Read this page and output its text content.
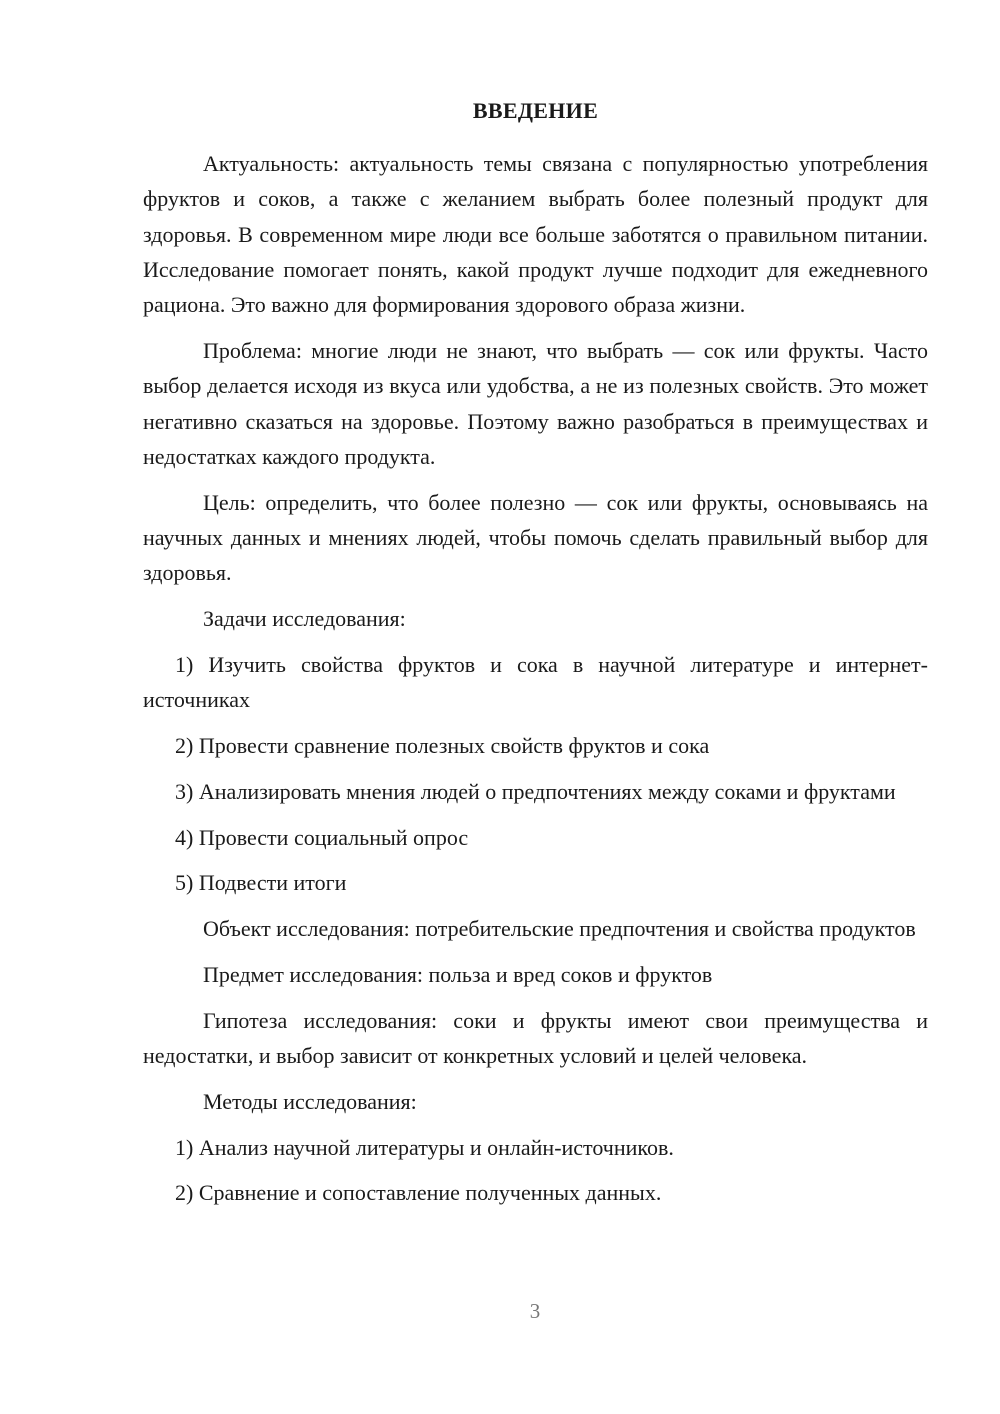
ВВЕДЕНИЕ

Актуальность: актуальность темы связана с популярностью употребления фруктов и соков, а также с желанием выбрать более полезный продукт для здоровья. В современном мире люди все больше заботятся о правильном питании. Исследование помогает понять, какой продукт лучше подходит для ежедневного рациона. Это важно для формирования здорового образа жизни.

Проблема: многие люди не знают, что выбрать — сок или фрукты. Часто выбор делается исходя из вкуса или удобства, а не из полезных свойств. Это может негативно сказаться на здоровье. Поэтому важно разобраться в преимуществах и недостатках каждого продукта.

Цель: определить, что более полезно — сок или фрукты, основываясь на научных данных и мнениях людей, чтобы помочь сделать правильный выбор для здоровья.

Задачи исследования:

1) Изучить свойства фруктов и сока в научной литературе и интернет-источниках

2) Провести сравнение полезных свойств фруктов и сока

3) Анализировать мнения людей о предпочтениях между соками и фруктами

4) Провести социальный опрос

5) Подвести итоги

Объект исследования: потребительские предпочтения и свойства продуктов

Предмет исследования: польза и вред соков и фруктов

Гипотеза исследования: соки и фрукты имеют свои преимущества и недостатки, и выбор зависит от конкретных условий и целей человека.

Методы исследования:

1) Анализ научной литературы и онлайн-источников.

2) Сравнение и сопоставление полученных данных.

3
